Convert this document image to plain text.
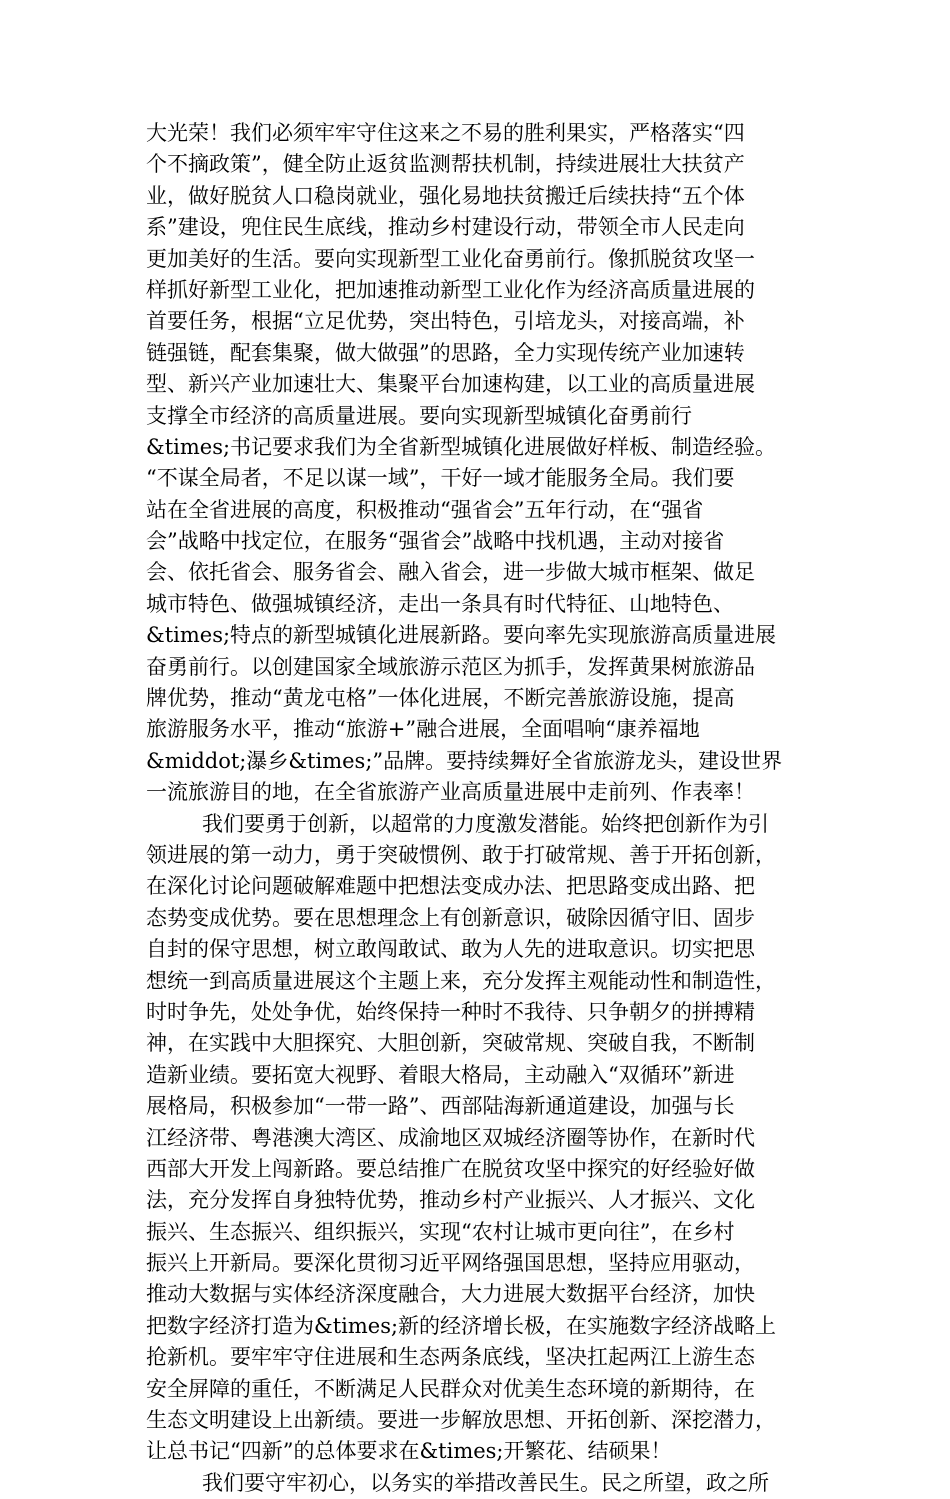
大光荣！我们必须牢牢守住这来之不易的胜利果实，严格落实“四
个不摘政策”，健全防止返贫监测帮扶机制，持续进展壮大扶贫产
业，做好脱贫人口稳岗就业，强化易地扶贫搬迁后续扶持“五个体
系”建设，兜住民生底线，推动乡村建设行动，带领全市人民走向
更加美好的生活。要向实现新型工业化奋勇前行。像抓脱贫攻坚一
样抓好新型工业化，把加速推动新型工业化作为经济高质量进展的
首要任务，根据“立足优势，突出特色，引培龙头，对接高端，补
链强链，配套集聚，做大做强”的思路，全力实现传统产业加速转
型、新兴产业加速壮大、集聚平台加速构建，以工业的高质量进展
支撑全市经济的高质量进展。要向实现新型城镇化奋勇前行
&times;书记要求我们为全省新型城镇化进展做好样板、制造经验。
“不谋全局者，不足以谋一域”，干好一域才能服务全局。我们要
站在全省进展的高度，积极推动“强省会”五年行动，在“强省
会”战略中找定位，在服务“强省会”战略中找机遇，主动对接省
会、依托省会、服务省会、融入省会，进一步做大城市框架、做足
城市特色、做强城镇经济，走出一条具有时代特征、山地特色、
&times;特点的新型城镇化进展新路。要向率先实现旅游高质量进展
奋勇前行。以创建国家全域旅游示范区为抓手，发挥黄果树旅游品
牌优势，推动“黄龙屯格”一体化进展，不断完善旅游设施，提高
旅游服务水平，推动“旅游+”融合进展，全面唱响“康养福地
&middot;瀑乡&times;”品牌。要持续舞好全省旅游龙头，建设世界
一流旅游目的地，在全省旅游产业高质量进展中走前列、作表率！
我们要勇于创新，以超常的力度激发潜能。始终把创新作为引
领进展的第一动力，勇于突破惯例、敢于打破常规、善于开拓创新，
在深化讨论问题破解难题中把想法变成办法、把思路变成出路、把
态势变成优势。要在思想理念上有创新意识，破除因循守旧、固步
自封的保守思想，树立敢闯敢试、敢为人先的进取意识。切实把思
想统一到高质量进展这个主题上来，充分发挥主观能动性和制造性，
时时争先，处处争优，始终保持一种时不我待、只争朝夕的拼搏精
神，在实践中大胆探究、大胆创新，突破常规、突破自我，不断制
造新业绩。要拓宽大视野、着眼大格局，主动融入“双循环”新进
展格局，积极参加“一带一路”、西部陆海新通道建设，加强与长
江经济带、粤港澳大湾区、成渝地区双城经济圈等协作，在新时代
西部大开发上闯新路。要总结推广在脱贫攻坚中探究的好经验好做
法，充分发挥自身独特优势，推动乡村产业振兴、人才振兴、文化
振兴、生态振兴、组织振兴，实现“农村让城市更向往”，在乡村
振兴上开新局。要深化贯彻习近平网络强国思想，坚持应用驱动，
推动大数据与实体经济深度融合，大力进展大数据平台经济，加快
把数字经济打造为&times;新的经济增长极，在实施数字经济战略上
抢新机。要牢牢守住进展和生态两条底线，坚决扛起两江上游生态
安全屏障的重任，不断满足人民群众对优美生态环境的新期待，在
生态文明建设上出新绩。要进一步解放思想、开拓创新、深挖潜力，
让总书记“四新”的总体要求在&times;开繁花、结硕果！
我们要守牢初心，以务实的举措改善民生。民之所望，政之所
